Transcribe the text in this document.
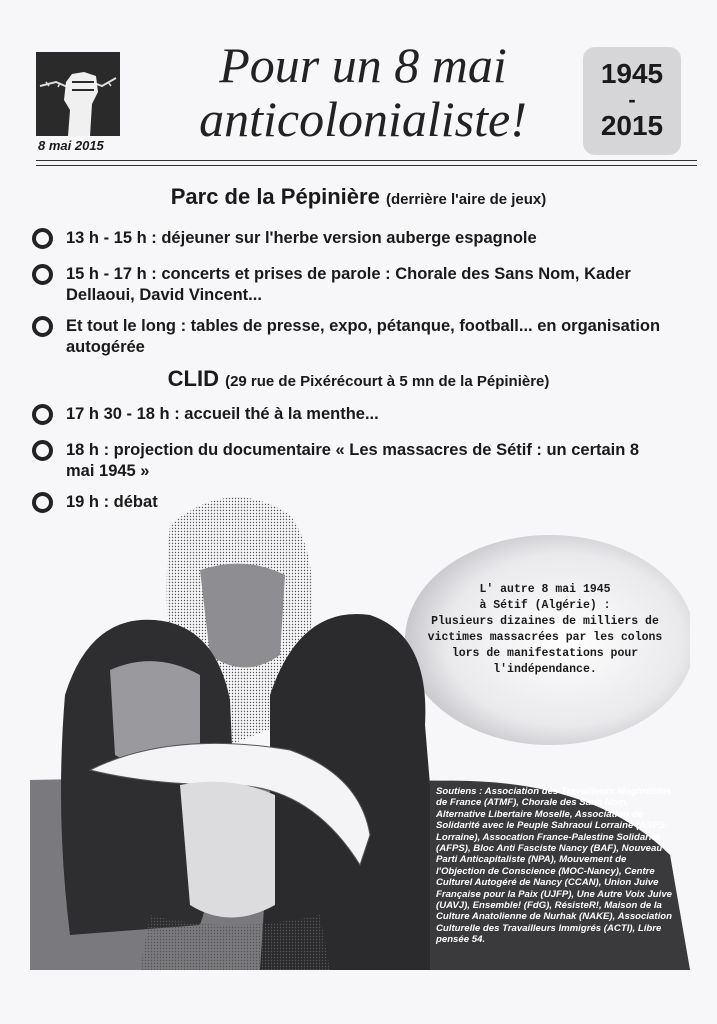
8 mai 2015
Pour un 8 mai
anticolonialiste!
1945
-
2015
Parc de la Pépinière (derrière l'aire de jeux)
13 h - 15 h : déjeuner sur l'herbe version auberge espagnole
15 h - 17 h : concerts et prises de parole : Chorale des Sans Nom, Kader Dellaoui, David Vincent...
Et tout le long : tables de presse, expo, pétanque, football... en organisation autogérée
CLID (29 rue de Pixérécourt à 5 mn de la Pépinière)
17 h 30 - 18 h : accueil thé à la menthe...
18 h : projection du documentaire « Les massacres de Sétif : un certain 8 mai 1945 »
19 h : débat
L' autre 8 mai 1945
à Sétif (Algérie) :
Plusieurs dizaines de milliers de victimes massacrées par les colons lors de manifestations pour l'indépendance.
Soutiens : Association des Travailleurs Maghrébins de France (ATMF), Chorale des Sans Nom, Alternative Libertaire Moselle, Association de Solidarité avec le Peuple Sahraoui Lorraine (ASPS-Lorraine), Assocation France-Palestine Solidarité (AFPS), Bloc Anti Fasciste Nancy (BAF), Nouveau Parti Anticapitaliste (NPA), Mouvement de l'Objection de Conscience (MOC-Nancy), Centre Culturel Autogéré de Nancy (CCAN), Union Juive Française pour la Paix (UJFP), Une Autre Voix Juive (UAVJ), Ensemble! (FdG), RésisteR!, Maison de la Culture Anatolienne de Nurhak (NAKE), Association Culturelle des Travailleurs Immigrés (ACTI), Libre pensée 54.
